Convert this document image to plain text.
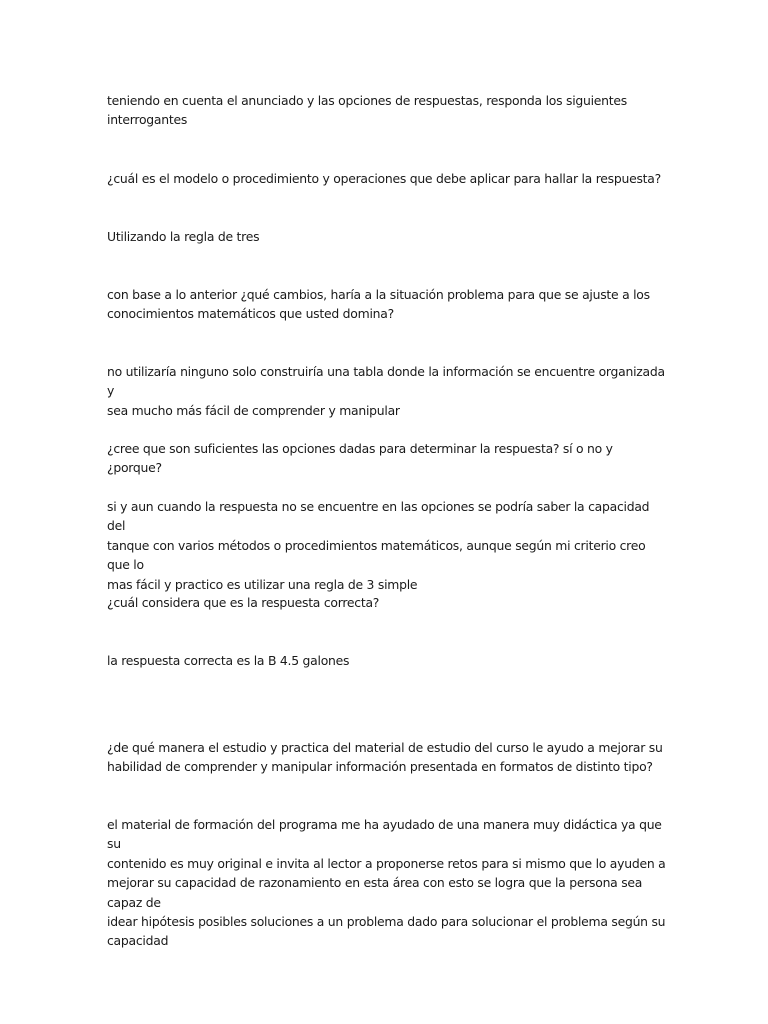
teniendo en cuenta el anunciado y las opciones de respuestas, responda los siguientes
interrogantes

¿cuál es el modelo o procedimiento y operaciones que debe aplicar para hallar la respuesta?

Utilizando la regla de tres

con base a lo anterior ¿qué cambios, haría a la situación problema para que se ajuste a los
conocimientos matemáticos que usted domina?

no utilizaría ninguno solo construiría una tabla donde la información se encuentre organizada y
sea mucho más fácil de comprender y manipular

¿cree que son suficientes las opciones dadas para determinar la respuesta? sí o no y ¿porque?

si y aun cuando la respuesta no se encuentre en las opciones se podría saber la capacidad del
tanque con varios métodos o procedimientos matemáticos, aunque según mi criterio creo que lo
mas fácil y practico es utilizar una regla de 3 simple

¿cuál considera que es la respuesta correcta?

la respuesta correcta es la B 4.5 galones

¿de qué manera el estudio y practica del material de estudio del curso le ayudo a mejorar su
habilidad de comprender y manipular información presentada en formatos de distinto tipo?

el material de formación del programa me ha ayudado de una manera muy didáctica ya que su
contenido es muy original e invita al lector a proponerse retos para si mismo que lo ayuden a
mejorar su capacidad de razonamiento en esta área con esto se logra que la persona sea capaz de
idear hipótesis posibles soluciones a un problema dado para solucionar el problema según su
capacidad
